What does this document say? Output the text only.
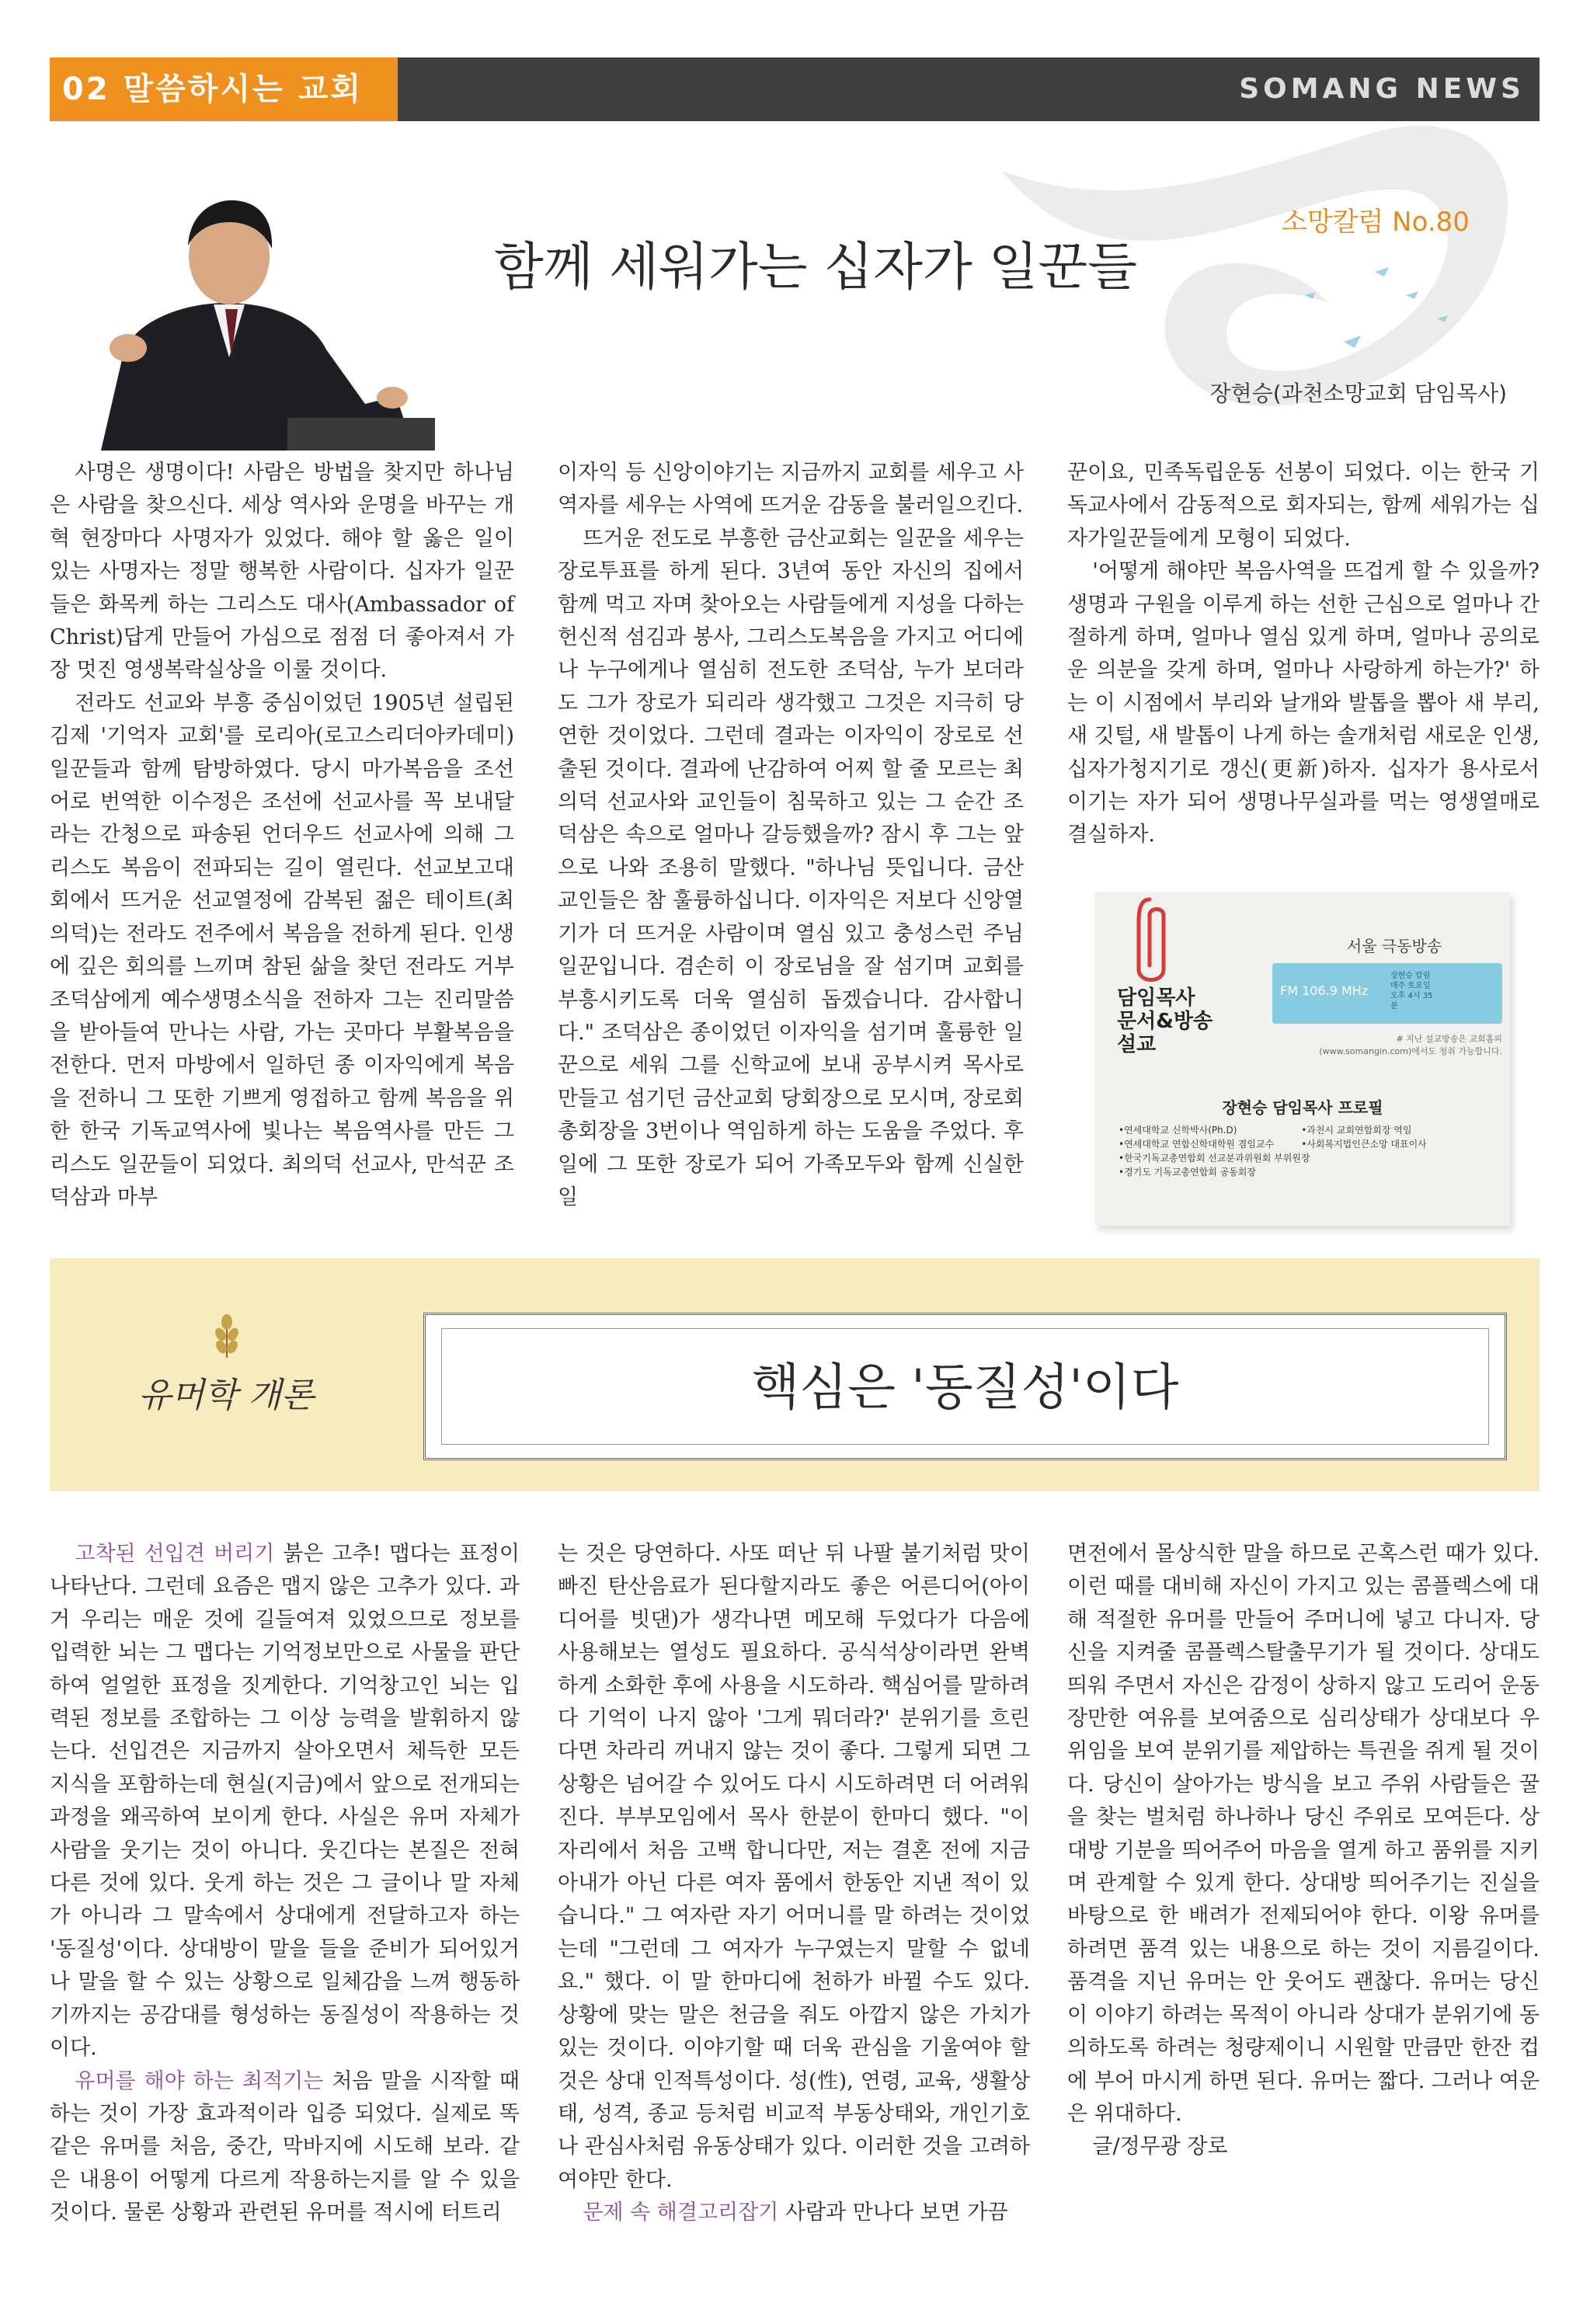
02 말씀하시는 교회	SOMANG NEWS
소망칼럼 No.80
함께 세워가는 십자가 일꾼들
장현승(과천소망교회 담임목사)

사명은 생명이다! 사람은 방법을 찾지만 하나님은 사람을 찾으신다. 세상 역사와 운명을 바꾸는 개혁 현장마다 사명자가 있었다. 해야 할 옳은 일이 있는 사명자는 정말 행복한 사람이다. 십자가 일꾼들은 화목케 하는 그리스도 대사(Ambassador of Christ)답게 만들어 가심으로 점점 더 좋아져서 가장 멋진 영생복락실상을 이룰 것이다.

전라도 선교와 부흥 중심이었던 1905년 설립된 김제 '기억자 교회'를 로리아(로고스리더아카데미) 일꾼들과 함께 탐방하였다. 당시 마가복음을 조선어로 번역한 이수정은 조선에 선교사를 꼭 보내달라는 간청으로 파송된 언더우드 선교사에 의해 그리스도 복음이 전파되는 길이 열린다. 선교보고대회에서 뜨거운 선교열정에 감복된 젊은 테이트(최의덕)는 전라도 전주에서 복음을 전하게 된다. 인생에 깊은 회의를 느끼며 참된 삶을 찾던 전라도 거부 조덕삼에게 예수생명소식을 전하자 그는 진리말씀을 받아들여 만나는 사람, 가는 곳마다 부활복음을 전한다. 먼저 마방에서 일하던 종 이자익에게 복음을 전하니 그 또한 기쁘게 영접하고 함께 복음을 위한 한국 기독교역사에 빛나는 복음역사를 만든 그리스도 일꾼들이 되었다. 최의덕 선교사, 만석꾼 조덕삼과 마부

이자익 등 신앙이야기는 지금까지 교회를 세우고 사역자를 세우는 사역에 뜨거운 감동을 불러일으킨다.

뜨거운 전도로 부흥한 금산교회는 일꾼을 세우는 장로투표를 하게 된다. 3년여 동안 자신의 집에서 함께 먹고 자며 찾아오는 사람들에게 지성을 다하는 헌신적 섬김과 봉사, 그리스도복음을 가지고 어디에나 누구에게나 열심히 전도한 조덕삼, 누가 보더라도 그가 장로가 되리라 생각했고 그것은 지극히 당연한 것이었다. 그런데 결과는 이자익이 장로로 선출된 것이다. 결과에 난감하여 어찌 할 줄 모르는 최의덕 선교사와 교인들이 침묵하고 있는 그 순간 조덕삼은 속으로 얼마나 갈등했을까? 잠시 후 그는 앞으로 나와 조용히 말했다. "하나님 뜻입니다. 금산교인들은 참 훌륭하십니다. 이자익은 저보다 신앙열기가 더 뜨거운 사람이며 열심 있고 충성스런 주님 일꾼입니다. 겸손히 이 장로님을 잘 섬기며 교회를 부흥시키도록 더욱 열심히 돕겠습니다. 감사합니다." 조덕삼은 종이었던 이자익을 섬기며 훌륭한 일꾼으로 세워 그를 신학교에 보내 공부시켜 목사로 만들고 섬기던 금산교회 당회장으로 모시며, 장로회 총회장을 3번이나 역임하게 하는 도움을 주었다. 후일에 그 또한 장로가 되어 가족모두와 함께 신실한 일

꾼이요, 민족독립운동 선봉이 되었다. 이는 한국 기독교사에서 감동적으로 회자되는, 함께 세워가는 십자가일꾼들에게 모형이 되었다.

'어떻게 해야만 복음사역을 뜨겁게 할 수 있을까? 생명과 구원을 이루게 하는 선한 근심으로 얼마나 간절하게 하며, 얼마나 열심 있게 하며, 얼마나 공의로운 의분을 갖게 하며, 얼마나 사랑하게 하는가?' 하는 이 시점에서 부리와 날개와 발톱을 뽑아 새 부리, 새 깃털, 새 발톱이 나게 하는 솔개처럼 새로운 인생, 십자가청지기로 갱신(更新)하자. 십자가 용사로서 이기는 자가 되어 생명나무실과를 먹는 영생열매로 결실하자.

서울 극동방송
FM 106.9 MHz
장현승 칼럼
매주 토요일
오후 4시 35분
# 지난 설교방송은 교회홈피
(www.somangin.com)에서도 청취 가능합니다.
담임목사
문서&방송
설교
장현승 담임목사 프로필
•연세대학교 신학박사(Ph.D)	•과천시 교회연합회장 역임 •연세대학교 연합신학대학원 겸임교수	•사회복지법인큰소망 대표이사 •한국기독교총연합회 선교분과위원회 부위원장 •경기도 기독교총연합회 공동회장
유머학 개론	핵심은 '동질성'이다

고착된 선입견 버리기 붉은 고추! 맵다는 표정이 나타난다. 그런데 요즘은 맵지 않은 고추가 있다. 과거 우리는 매운 것에 길들여져 있었으므로 정보를 입력한 뇌는 그 맵다는 기억정보만으로 사물을 판단하여 얼얼한 표정을 짓게한다. 기억창고인 뇌는 입력된 정보를 조합하는 그 이상 능력을 발휘하지 않는다. 선입견은 지금까지 살아오면서 체득한 모든 지식을 포함하는데 현실(지금)에서 앞으로 전개되는 과정을 왜곡하여 보이게 한다. 사실은 유머 자체가 사람을 웃기는 것이 아니다. 웃긴다는 본질은 전혀 다른 것에 있다. 웃게 하는 것은 그 글이나 말 자체가 아니라 그 말속에서 상대에게 전달하고자 하는 '동질성'이다. 상대방이 말을 들을 준비가 되어있거나 말을 할 수 있는 상황으로 일체감을 느껴 행동하기까지는 공감대를 형성하는 동질성이 작용하는 것이다.

유머를 해야 하는 최적기는 처음 말을 시작할 때 하는 것이 가장 효과적이라 입증 되었다. 실제로 똑같은 유머를 처음, 중간, 막바지에 시도해 보라. 같은 내용이 어떻게 다르게 작용하는지를 알 수 있을 것이다. 물론 상황과 관련된 유머를 적시에 터트리

는 것은 당연하다. 사또 떠난 뒤 나팔 불기처럼 맛이 빠진 탄산음료가 된다할지라도 좋은 어른디어(아이디어를 빗댄)가 생각나면 메모해 두었다가 다음에 사용해보는 열성도 필요하다. 공식석상이라면 완벽하게 소화한 후에 사용을 시도하라. 핵심어를 말하려다 기억이 나지 않아 '그게 뭐더라?' 분위기를 흐린다면 차라리 꺼내지 않는 것이 좋다. 그렇게 되면 그 상황은 넘어갈 수 있어도 다시 시도하려면 더 어려워진다. 부부모임에서 목사 한분이 한마디 했다. "이 자리에서 처음 고백 합니다만, 저는 결혼 전에 지금 아내가 아닌 다른 여자 품에서 한동안 지낸 적이 있습니다." 그 여자란 자기 어머니를 말 하려는 것이었는데 "그런데 그 여자가 누구였는지 말할 수 없네요." 했다. 이 말 한마디에 천하가 바뀔 수도 있다. 상황에 맞는 말은 천금을 줘도 아깝지 않은 가치가 있는 것이다. 이야기할 때 더욱 관심을 기울여야 할 것은 상대 인적특성이다. 성(性), 연령, 교육, 생활상태, 성격, 종교 등처럼 비교적 부동상태와, 개인기호나 관심사처럼 유동상태가 있다. 이러한 것을 고려하여야만 한다.

문제 속 해결고리잡기 사람과 만나다 보면 가끔

면전에서 몰상식한 말을 하므로 곤혹스런 때가 있다. 이런 때를 대비해 자신이 가지고 있는 콤플렉스에 대해 적절한 유머를 만들어 주머니에 넣고 다니자. 당신을 지켜줄 콤플렉스탈출무기가 될 것이다. 상대도 띄워 주면서 자신은 감정이 상하지 않고 도리어 운동장만한 여유를 보여줌으로 심리상태가 상대보다 우위임을 보여 분위기를 제압하는 특권을 쥐게 될 것이다. 당신이 살아가는 방식을 보고 주위 사람들은 꿀을 찾는 벌처럼 하나하나 당신 주위로 모여든다. 상대방 기분을 띄어주어 마음을 열게 하고 품위를 지키며 관계할 수 있게 한다. 상대방 띄어주기는 진실을 바탕으로 한 배려가 전제되어야 한다. 이왕 유머를 하려면 품격 있는 내용으로 하는 것이 지름길이다. 품격을 지닌 유머는 안 웃어도 괜찮다. 유머는 당신이 이야기 하려는 목적이 아니라 상대가 분위기에 동의하도록 하려는 청량제이니 시원할 만큼만 한잔 컵에 부어 마시게 하면 된다. 유머는 짧다. 그러나 여운은 위대하다.

글/정무광 장로
